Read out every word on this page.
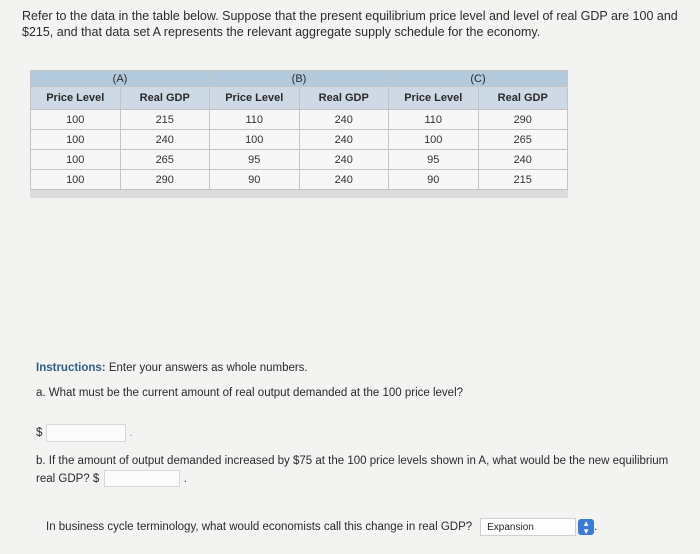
Refer to the data in the table below. Suppose that the present equilibrium price level and level of real GDP are 100 and $215, and that data set A represents the relevant aggregate supply schedule for the economy.
(A)		(B)		(C)	
Price Level	Real GDP	Price Level	Real GDP	Price Level	Real GDP
100	215	110	240	110	290
100	240	100	240	100	265
100	265	95	240	95	240
100	290	90	240	90	215
Instructions: Enter your answers as whole numbers.
a. What must be the current amount of real output demanded at the 100 price level?
$	.
b. If the amount of output demanded increased by $75 at the 100 price levels shown in A, what would be the new equilibrium real GDP? $	.
In business cycle terminology, what would economists call this change in real GDP? Expansion	▴
▾ .
